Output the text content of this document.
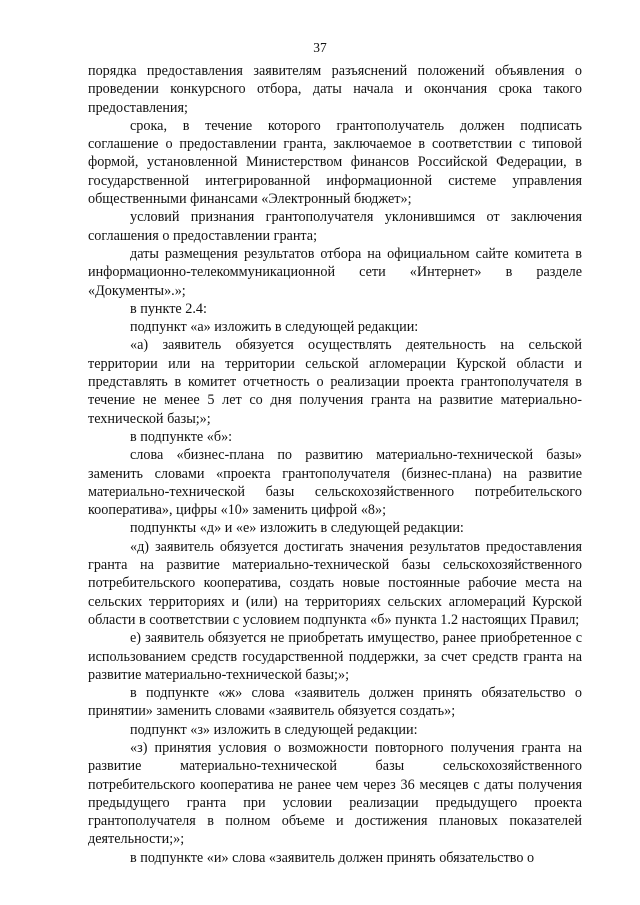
37

порядка предоставления заявителям разъяснений положений объявления о проведении конкурсного отбора, даты начала и окончания срока такого предоставления;

срока, в течение которого грантополучатель должен подписать соглашение о предоставлении гранта, заключаемое в соответствии с типовой формой, установленной Министерством финансов Российской Федерации, в государственной интегрированной информационной системе управления общественными финансами «Электронный бюджет»;

условий признания грантополучателя уклонившимся от заключения соглашения о предоставлении гранта;

даты размещения результатов отбора на официальном сайте комитета в информационно-телекоммуникационной сети «Интернет» в разделе «Документы».»;

в пункте 2.4:

подпункт «а» изложить в следующей редакции:

«а) заявитель обязуется осуществлять деятельность на сельской территории или на территории сельской агломерации Курской области и представлять в комитет отчетность о реализации проекта грантополучателя в течение не менее 5 лет со дня получения гранта на развитие материально-технической базы;»;

в подпункте «б»:

слова «бизнес-плана по развитию материально-технической базы» заменить словами «проекта грантополучателя (бизнес-плана) на развитие материально-технической базы сельскохозяйственного потребительского кооператива», цифры «10» заменить цифрой «8»;

подпункты «д» и «е» изложить в следующей редакции:

«д) заявитель обязуется достигать значения результатов предоставления гранта на развитие материально-технической базы сельскохозяйственного потребительского кооператива, создать новые постоянные рабочие места на сельских территориях и (или) на территориях сельских агломераций Курской области в соответствии с условием подпункта «б» пункта 1.2 настоящих Правил;

е) заявитель обязуется не приобретать имущество, ранее приобретенное с использованием средств государственной поддержки, за счет средств гранта на развитие материально-технической базы;»;

в подпункте «ж» слова «заявитель должен принять обязательство о принятии» заменить словами «заявитель обязуется создать»;

подпункт «з» изложить в следующей редакции:

«з) принятия условия о возможности повторного получения гранта на развитие материально-технической базы сельскохозяйственного потребительского кооператива не ранее чем через 36 месяцев с даты получения предыдущего гранта при условии реализации предыдущего проекта грантополучателя в полном объеме и достижения плановых показателей деятельности;»;

в подпункте «и» слова «заявитель должен принять обязательство о
